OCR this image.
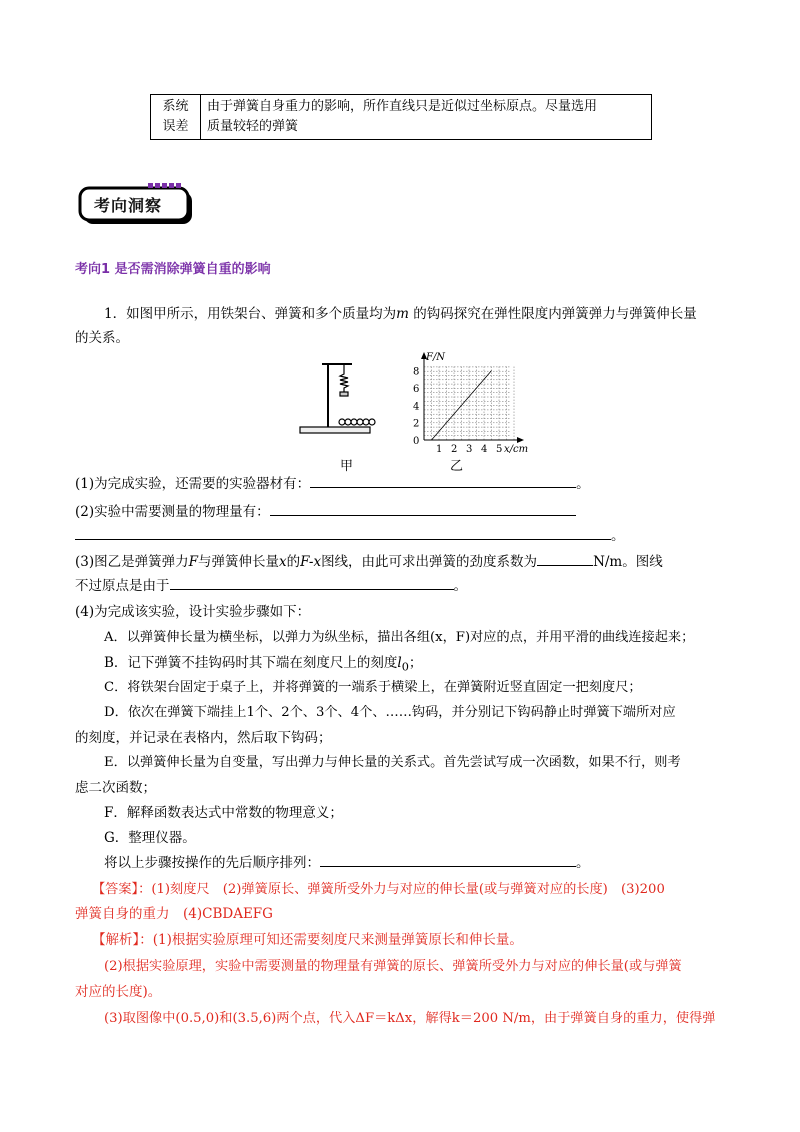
系统
误差

由于弹簧自身重力的影响，所作直线只是近似过坐标原点。尽量选用
质量较轻的弹簧
考向洞察
考向1 是否需消除弹簧自重的影响
1．如图甲所示，用铁架台、弹簧和多个质量均为m 的钩码探究在弹性限度内弹簧弹力与弹簧伸长量
的关系。
8
6
4
2
0
1 2 3 4 5
F/N
x/cm
甲	乙
(1)为完成实验，还需要的实验器材有：	。
(2)实验中需要测量的物理量有：
。
(3)图乙是弹簧弹力F与弹簧伸长量x的F-x图线，由此可求出弹簧的劲度系数为	N/m。图线
不过原点是由于	。
(4)为完成该实验，设计实验步骤如下：
A．以弹簧伸长量为横坐标，以弹力为纵坐标，描出各组(x，F)对应的点，并用平滑的曲线连接起来；
B．记下弹簧不挂钩码时其下端在刻度尺上的刻度$l_0$；
C．将铁架台固定于桌子上，并将弹簧的一端系于横梁上，在弹簧附近竖直固定一把刻度尺；
D．依次在弹簧下端挂上1个、2个、3个、4个、……钩码，并分别记下钩码静止时弹簧下端所对应
的刻度，并记录在表格内，然后取下钩码；
E．以弹簧伸长量为自变量，写出弹力与伸长量的关系式。首先尝试写成一次函数，如果不行，则考
虑二次函数；
F．解释函数表达式中常数的物理意义；
G．整理仪器。
将以上步骤按操作的先后顺序排列：	。
【答案】：(1)刻度尺　(2)弹簧原长、弹簧所受外力与对应的伸长量(或与弹簧对应的长度)　(3)200
弹簧自身的重力　(4)CBDAEFG
【解析】：(1)根据实验原理可知还需要刻度尺来测量弹簧原长和伸长量。
(2)根据实验原理，实验中需要测量的物理量有弹簧的原长、弹簧所受外力与对应的伸长量(或与弹簧
对应的长度)。
(3)取图像中(0.5,0)和(3.5,6)两个点，代入ΔF＝kΔx，解得k＝200 N/m，由于弹簧自身的重力，使得弹
